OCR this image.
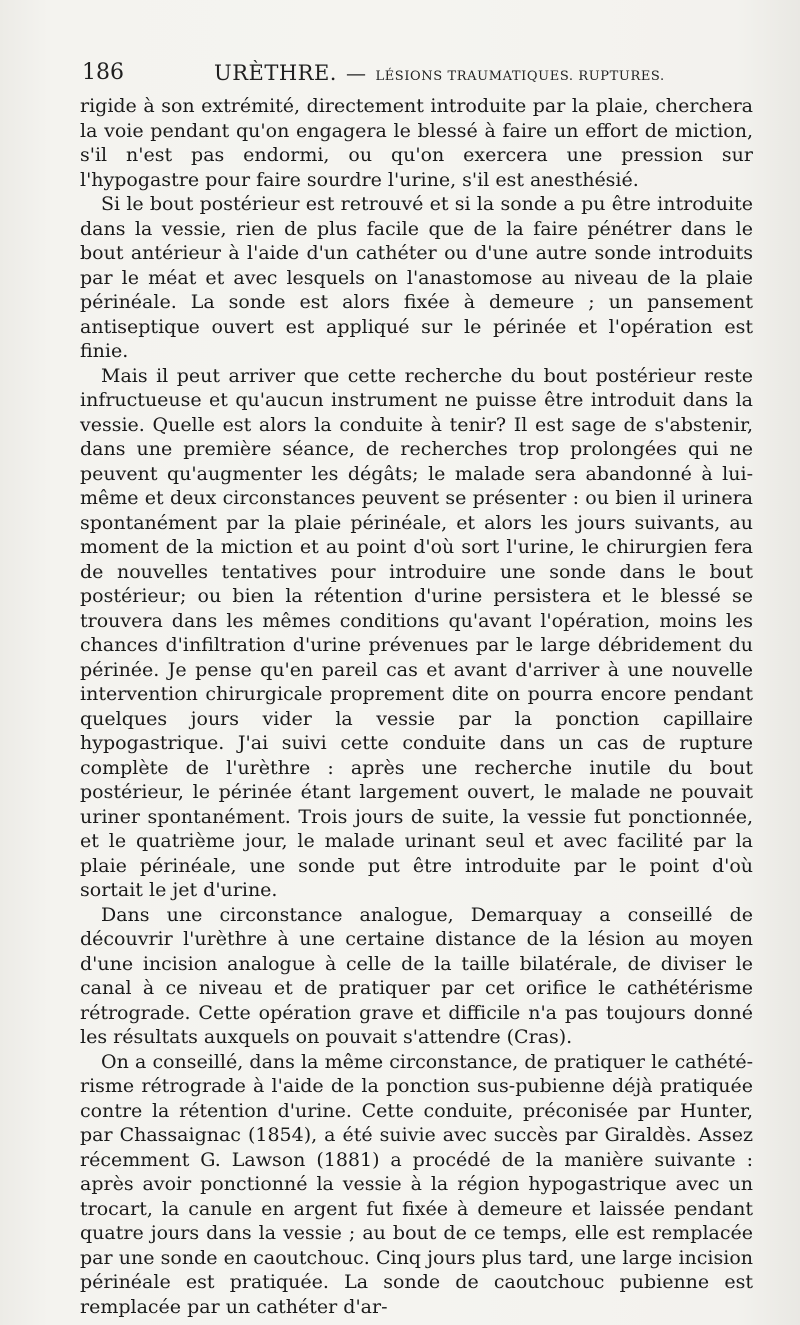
186	URÈTHRE. — LÉSIONS TRAUMATIQUES. RUPTURES.

rigide à son extrémité, directement introduite par la plaie, cherchera la voie pendant qu'on engagera le blessé à faire un effort de miction, s'il n'est pas endormi, ou qu'on exercera une pression sur l'hypogastre pour faire sourdre l'urine, s'il est anesthésié.

Si le bout postérieur est retrouvé et si la sonde a pu être introduite dans la vessie, rien de plus facile que de la faire pénétrer dans le bout antérieur à l'aide d'un cathéter ou d'une autre sonde introduits par le méat et avec lesquels on l'anastomose au niveau de la plaie périnéale. La sonde est alors fixée à demeure ; un pansement antiseptique ouvert est appliqué sur le périnée et l'opération est finie.

Mais il peut arriver que cette recherche du bout postérieur reste infructueuse et qu'aucun instrument ne puisse être introduit dans la vessie. Quelle est alors la conduite à tenir? Il est sage de s'abstenir, dans une première séance, de recherches trop prolongées qui ne peuvent qu'augmenter les dégâts; le malade sera abandonné à lui-même et deux circonstances peuvent se présenter : ou bien il urinera spontanément par la plaie périnéale, et alors les jours suivants, au moment de la miction et au point d'où sort l'urine, le chirurgien fera de nouvelles tentatives pour introduire une sonde dans le bout postérieur; ou bien la rétention d'urine persistera et le blessé se trouvera dans les mêmes conditions qu'avant l'opération, moins les chances d'infiltration d'urine prévenues par le large débridement du périnée. Je pense qu'en pareil cas et avant d'arriver à une nouvelle intervention chirurgicale proprement dite on pourra encore pendant quelques jours vider la vessie par la ponction capillaire hypogastrique. J'ai suivi cette conduite dans un cas de rupture complète de l'urèthre : après une recherche inutile du bout postérieur, le périnée étant largement ouvert, le malade ne pouvait uriner spontanément. Trois jours de suite, la vessie fut ponctionnée, et le quatrième jour, le malade urinant seul et avec facilité par la plaie périnéale, une sonde put être introduite par le point d'où sortait le jet d'urine.

Dans une circonstance analogue, Demarquay a conseillé de découvrir l'urèthre à une certaine distance de la lésion au moyen d'une incision analogue à celle de la taille bilatérale, de diviser le canal à ce niveau et de pratiquer par cet orifice le cathétérisme rétrograde. Cette opération grave et difficile n'a pas toujours donné les résultats auxquels on pouvait s'attendre (Cras).

On a conseillé, dans la même circonstance, de pratiquer le cathétérisme rétrograde à l'aide de la ponction sus-pubienne déjà pratiquée contre la rétention d'urine. Cette conduite, préconisée par Hunter, par Chassaignac (1854), a été suivie avec succès par Giraldès. Assez récemment G. Lawson (1881) a procédé de la manière suivante : après avoir ponctionné la vessie à la région hypogastrique avec un trocart, la canule en argent fut fixée à demeure et laissée pendant quatre jours dans la vessie ; au bout de ce temps, elle est remplacée par une sonde en caoutchouc. Cinq jours plus tard, une large incision périnéale est pratiquée. La sonde de caoutchouc pubienne est remplacée par un cathéter d'ar-
